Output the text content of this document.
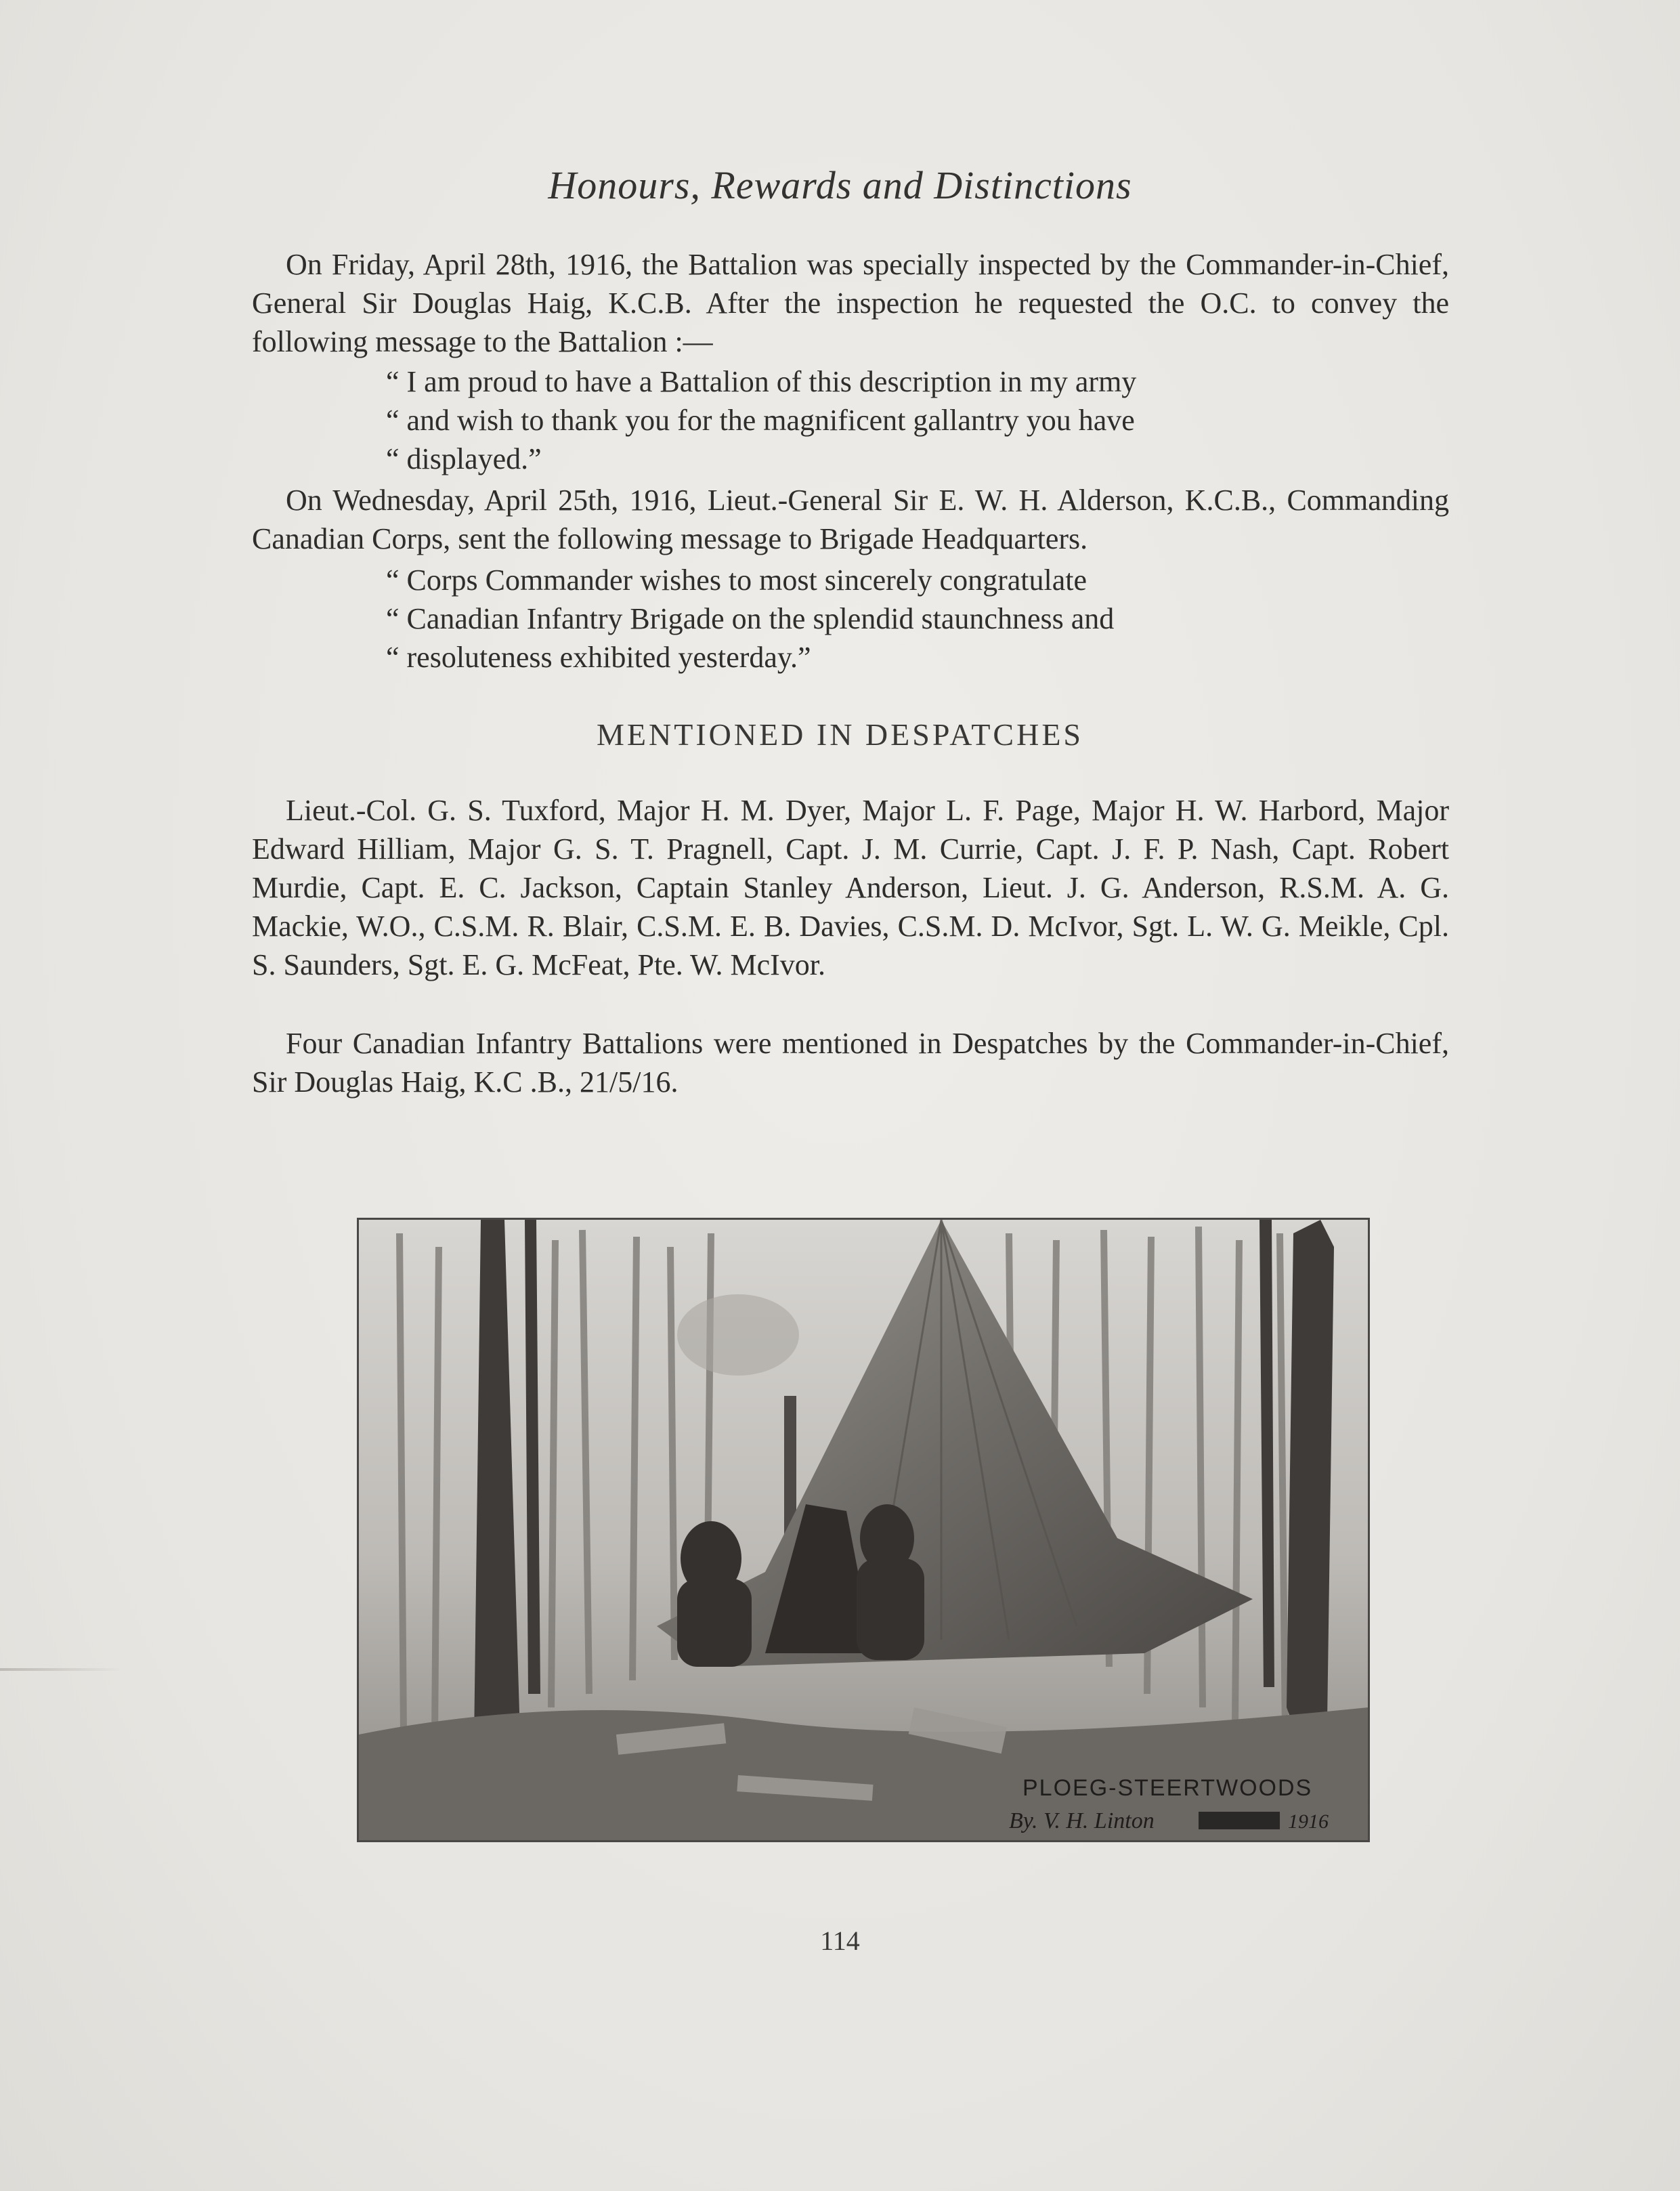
Honours, Rewards and Distinctions

On Friday, April 28th, 1916, the Battalion was specially inspected by the Commander-in-Chief, General Sir Douglas Haig, K.C.B. After the inspection he requested the O.C. to convey the following message to the Battalion :—

“ I am proud to have a Battalion of this description in my army
“ and wish to thank you for the magnificent gallantry you have
“ displayed.”

On Wednesday, April 25th, 1916, Lieut.-General Sir E. W. H. Alderson, K.C.B., Commanding Canadian Corps, sent the following message to Brigade Headquarters.

“ Corps Commander wishes to most sincerely congratulate
“ Canadian Infantry Brigade on the splendid staunchness and
“ resoluteness exhibited yesterday.”
MENTIONED IN DESPATCHES

Lieut.-Col. G. S. Tuxford, Major H. M. Dyer, Major L. F. Page, Major H. W. Harbord, Major Edward Hilliam, Major G. S. T. Pragnell, Capt. J. M. Currie, Capt. J. F. P. Nash, Capt. Robert Murdie, Capt. E. C. Jackson, Captain Stanley Anderson, Lieut. J. G. Anderson, R.S.M. A. G. Mackie, W.O., C.S.M. R. Blair, C.S.M. E. B. Davies, C.S.M. D. McIvor, Sgt. L. W. G. Meikle, Cpl. S. Saunders, Sgt. E. G. McFeat, Pte. W. McIvor.

Four Canadian Infantry Battalions were mentioned in Despatches by the Commander-in-Chief, Sir Douglas Haig, K.C .B., 21/5/16.

PLOEG-STEERTWOODS
By. V. H. Linton	1916
114
